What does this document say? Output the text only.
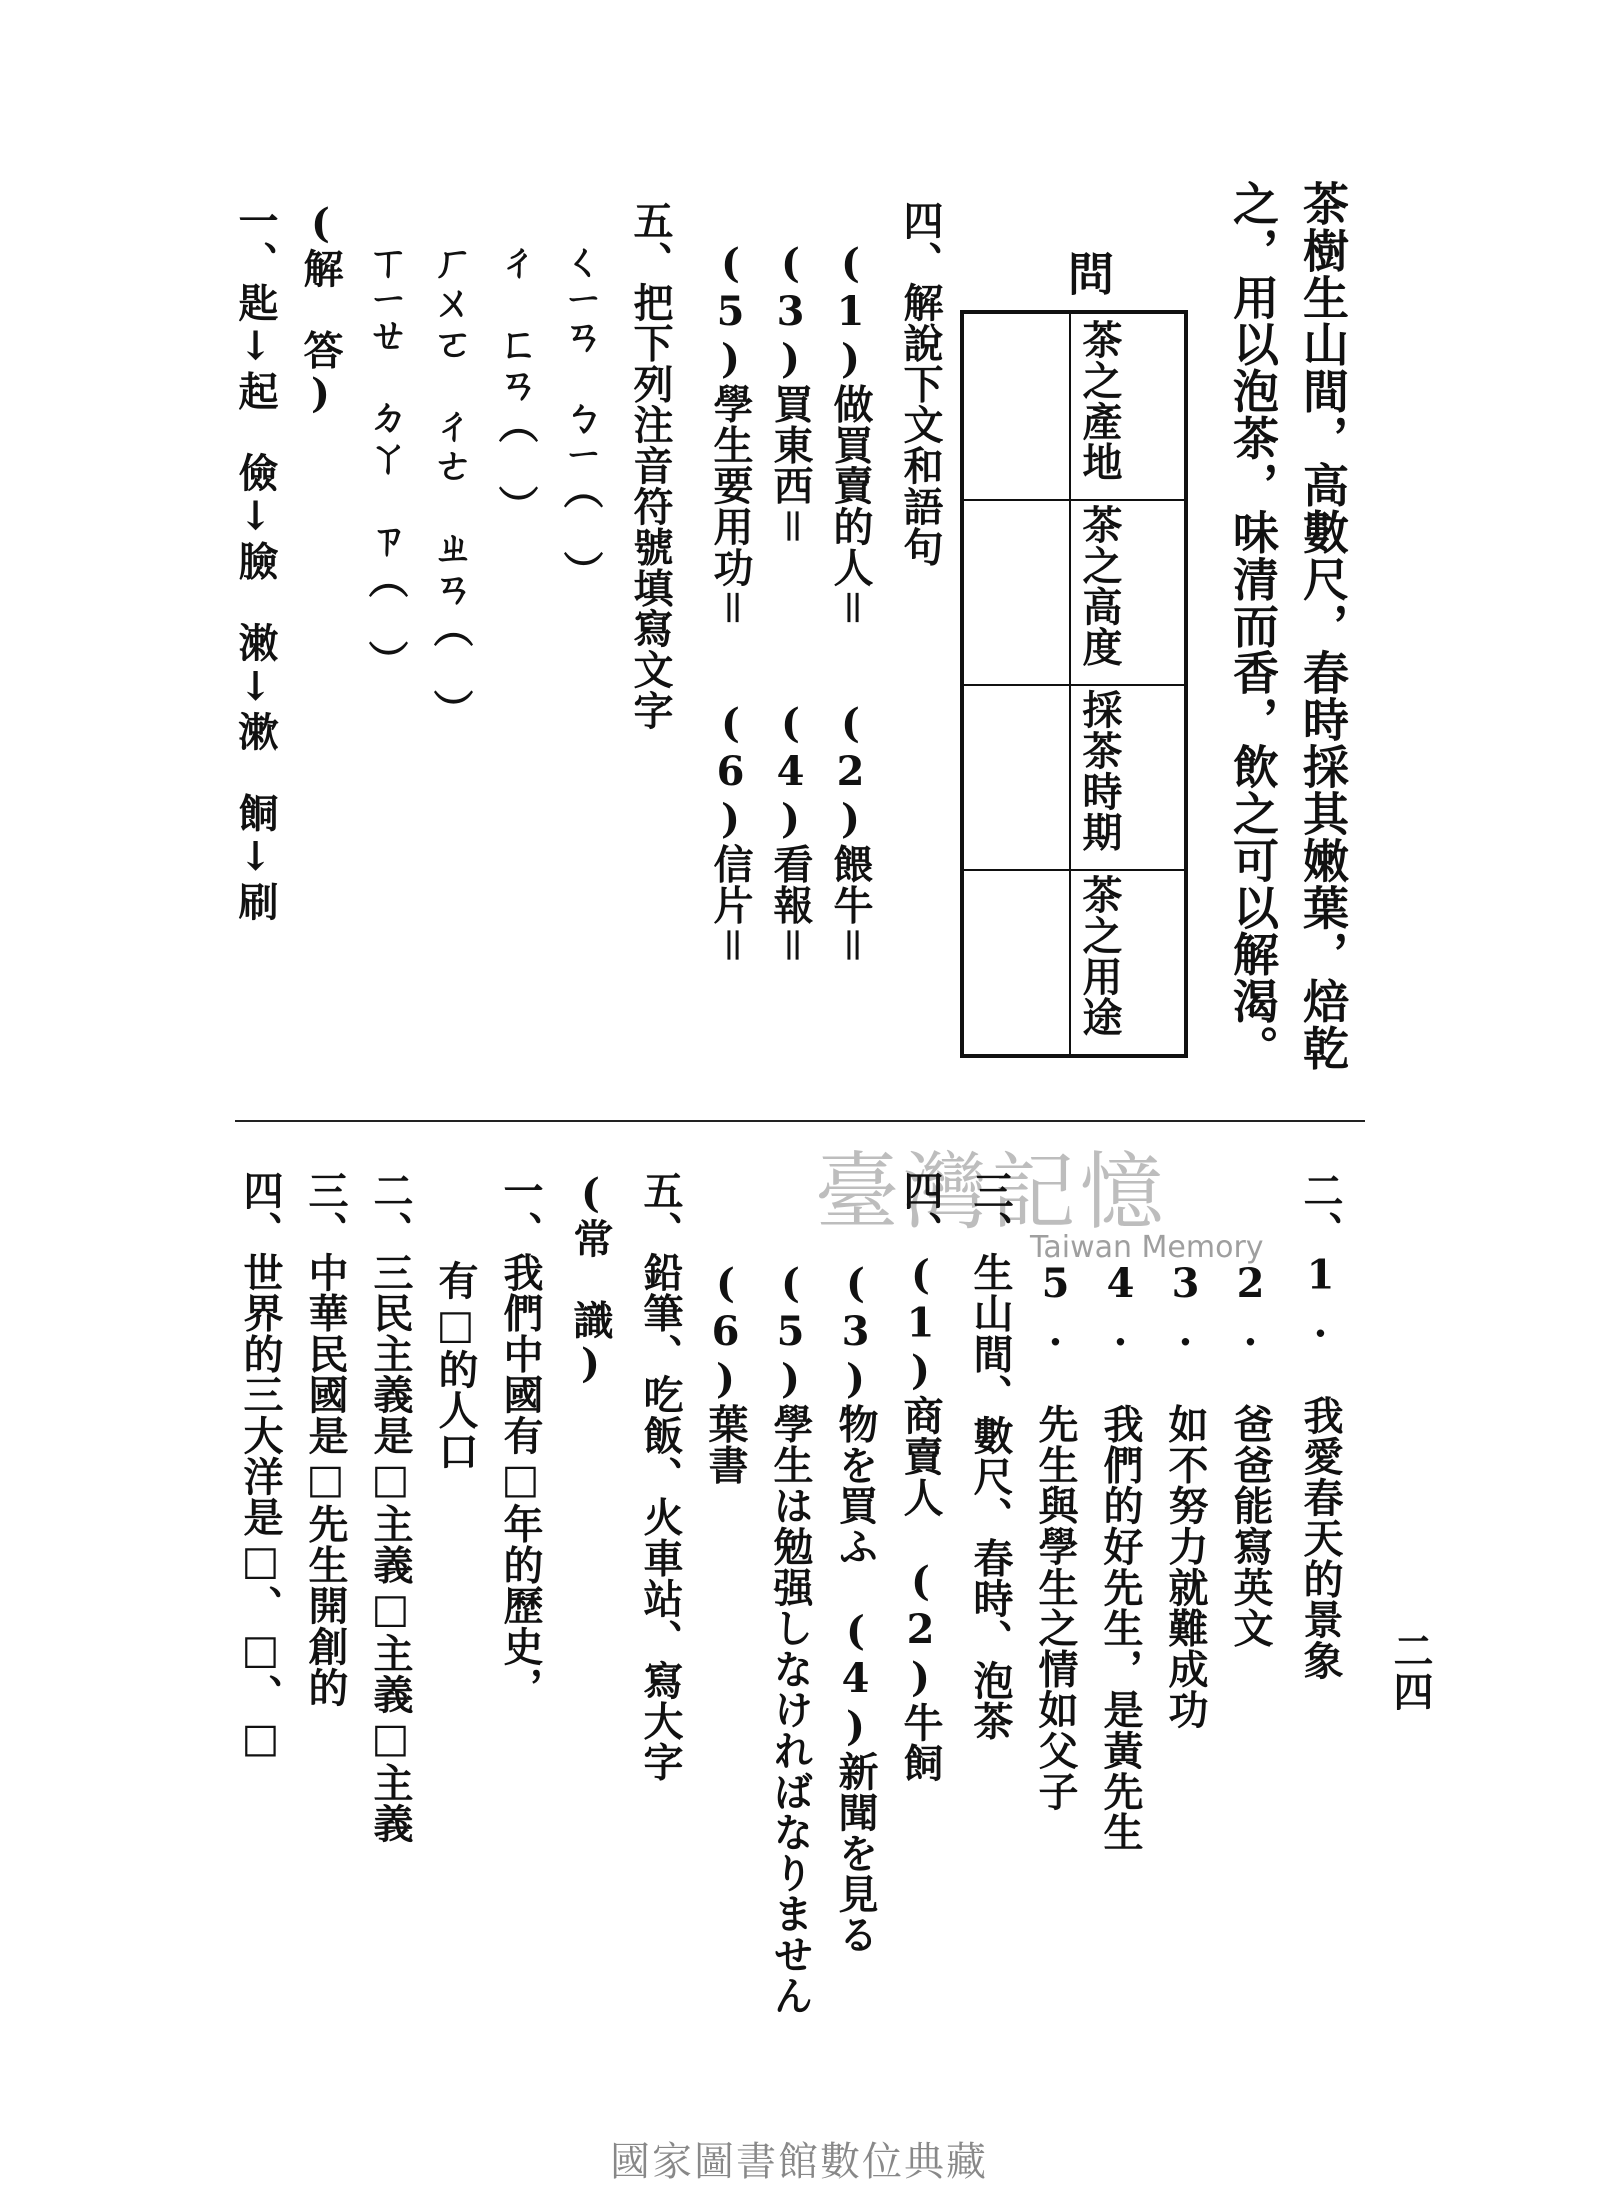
二四
茶樹生山間，高數尺，春時採其嫩葉，焙乾
之，用以泡茶，味清而香，飲之可以解渴。
茶之產地
茶之高度
採茶時期
茶之用途
問
四、解說下文和語句
(1)做買賣的人＝
(3)買東西＝
(5)學生要用功＝
(2)餵牛＝
(4)看報＝
(6)信片＝
五、把下列注音符號填寫文字
ㄑㄧㄢ　ㄅㄧ（　）
ㄔ　ㄈㄢ（　）
ㄏㄨㄛ　ㄔㄜ　ㄓㄢ（　）
ㄒㄧㄝ　ㄉㄚ　ㄗ（　）
(解　答)
一、匙↓起　儉↓臉　潄↓漱　餇↓刷
臺灣記憶
Taiwan Memory 二、1. 我愛春天的景象
2. 爸爸能寫英文
3. 如不努力就難成功
4. 我們的好先生，是黃先生
5. 先生與學生之情如父子
三、生山間、數尺、春時、泡茶
四、(1)商賣人　(2)牛飼
(3)物を買ふ　(4)新聞を見る
(5)學生は勉强しなければなりません
(6)葉書
五、鉛筆、吃飯、火車站、寫大字
(常　識)
一、我們中國有□年的歷史，
有□的人口
二、三民主義是□主義□主義□主義
三、中華民國是□先生開創的
四、世界的三大洋是□、□、□
國家圖書館數位典藏
